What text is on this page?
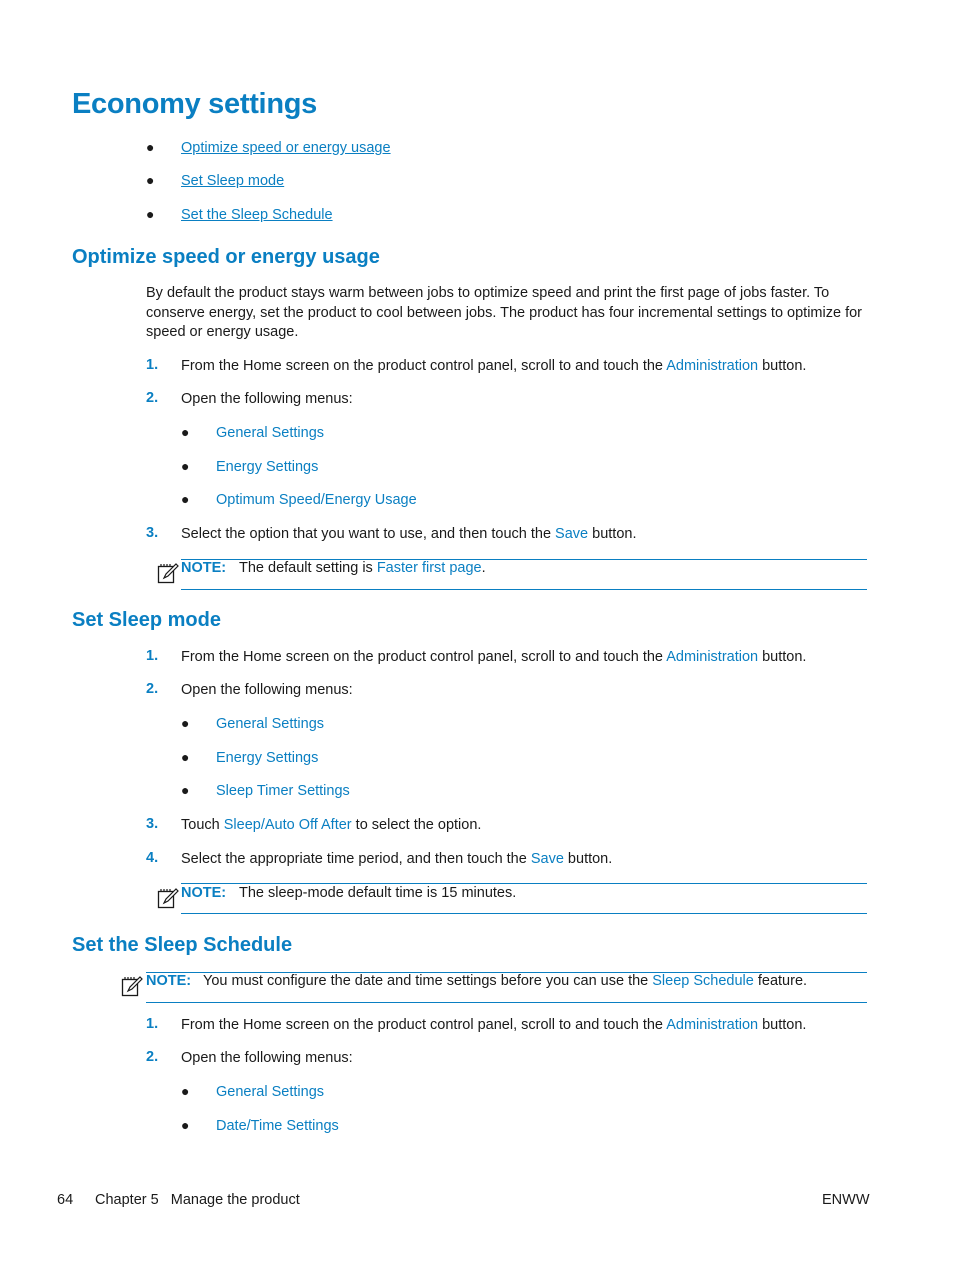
Economy settings
● Optimize speed or energy usage
● Set Sleep mode
● Set the Sleep Schedule
Optimize speed or energy usage
By default the product stays warm between jobs to optimize speed and print the first page of jobs faster. To conserve energy, set the product to cool between jobs. The product has four incremental settings to optimize for speed or energy usage.
1. From the Home screen on the product control panel, scroll to and touch the Administration button.
2. Open the following menus:
● General Settings
● Energy Settings
● Optimum Speed/Energy Usage
3. Select the option that you want to use, and then touch the Save button.
NOTE: The default setting is Faster first page.
Set Sleep mode
1. From the Home screen on the product control panel, scroll to and touch the Administration button.
2. Open the following menus:
● General Settings
● Energy Settings
● Sleep Timer Settings
3. Touch Sleep/Auto Off After to select the option.
4. Select the appropriate time period, and then touch the Save button.
NOTE: The sleep-mode default time is 15 minutes.
Set the Sleep Schedule
NOTE: You must configure the date and time settings before you can use the Sleep Schedule feature.
1. From the Home screen on the product control panel, scroll to and touch the Administration button.
2. Open the following menus:
● General Settings
● Date/Time Settings
64 Chapter 5   Manage the product	ENWW
